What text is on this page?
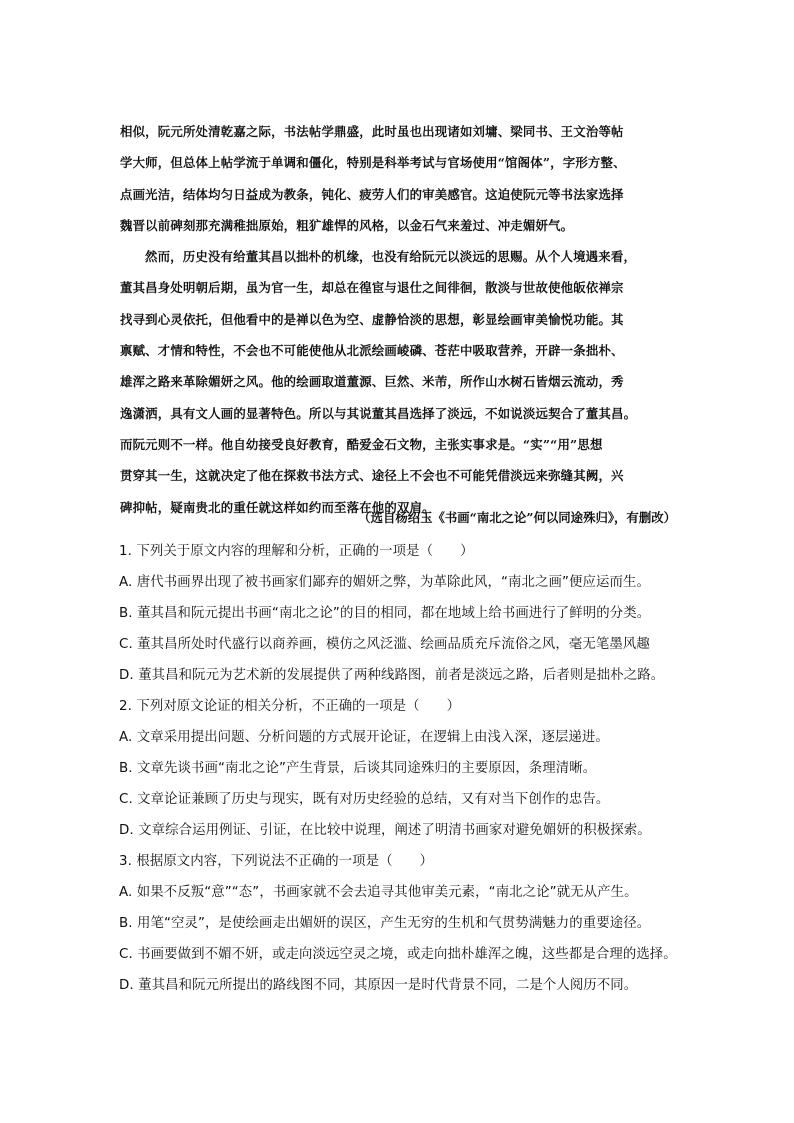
相似，阮元所处清乾嘉之际，书法帖学鼎盛，此时虽也出现诸如刘墉、梁同书、王文治等帖
学大师，但总体上帖学流于单调和僵化，特别是科举考试与官场使用“馆阁体”，字形方整、
点画光洁，结体均匀日益成为教条，钝化、疲劳人们的审美感官。这迫使阮元等书法家选择
魏晋以前碑刻那充满稚拙原始，粗犷雄悍的风格，以金石气来羞过、冲走媚妍气。

然而，历史没有给董其昌以拙朴的机缘，也没有给阮元以淡远的思赐。从个人境遇来看，
董其昌身处明朝后期，虽为官一生，却总在徨宦与退仕之间徘徊，散淡与世故使他皈依禅宗
找寻到心灵依托，但他看中的是禅以色为空、虚静恰淡的思想，彰显绘画审美愉悦功能。其
禀赋、才情和特性，不会也不可能使他从北派绘画崚磷、苍茫中吸取营养，开辟一条拙朴、
雄浑之路来革除媚妍之风。他的绘画取道董源、巨然、米芾，所作山水树石皆烟云流动，秀
逸潇洒，具有文人画的显著特色。所以与其说董其昌选择了淡远，不如说淡远契合了董其昌。
而阮元则不一样。他自幼接受良好教育，酷爱金石文物，主张实事求是。“实”“用”思想
贯穿其一生，这就决定了他在探救书法方式、途径上不会也不可能凭借淡远来弥缝其阙，兴
碑抑帖，疑南贵北的重任就这样如约而至落在他的双肩。

（选自杨绍玉《书画“南北之论”何以同途殊归》，有删改）

1. 下列关于原文内容的理解和分析，正确的一项是（　　）

A. 唐代书画界出现了被书画家们鄙弃的媚妍之弊，为革除此风，“南北之画”便应运而生。

B. 董其昌和阮元提出书画“南北之论”的目的相同，都在地域上给书画进行了鲜明的分类。

C. 董其昌所处时代盛行以商养画，模仿之风泛滥、绘画品质充斥流俗之风，毫无笔墨风趣

D. 董其昌和阮元为艺术新的发展提供了两种线路图，前者是淡远之路，后者则是拙朴之路。

2. 下列对原文论证的相关分析，不正确的一项是（　　）

A. 文章采用提出问题、分析问题的方式展开论证，在逻辑上由浅入深，逐层递进。

B. 文章先谈书画“南北之论”产生背景，后谈其同途殊归的主要原因，条理清晰。

C. 文章论证兼顾了历史与现实，既有对历史经验的总结，又有对当下创作的忠告。

D. 文章综合运用例证、引证，在比较中说理，阐述了明清书画家对避免媚妍的积极探索。

3. 根据原文内容，下列说法不正确的一项是（　　）

A. 如果不反叛“意”“态”，书画家就不会去追寻其他审美元素，“南北之论”就无从产生。

B. 用笔“空灵”，是使绘画走出媚妍的误区，产生无穷的生机和气贯势满魅力的重要途径。

C. 书画要做到不媚不妍，或走向淡远空灵之境，或走向拙朴雄浑之魄，这些都是合理的选择。

D. 董其昌和阮元所提出的路线图不同，其原因一是时代背景不同，二是个人阅历不同。
